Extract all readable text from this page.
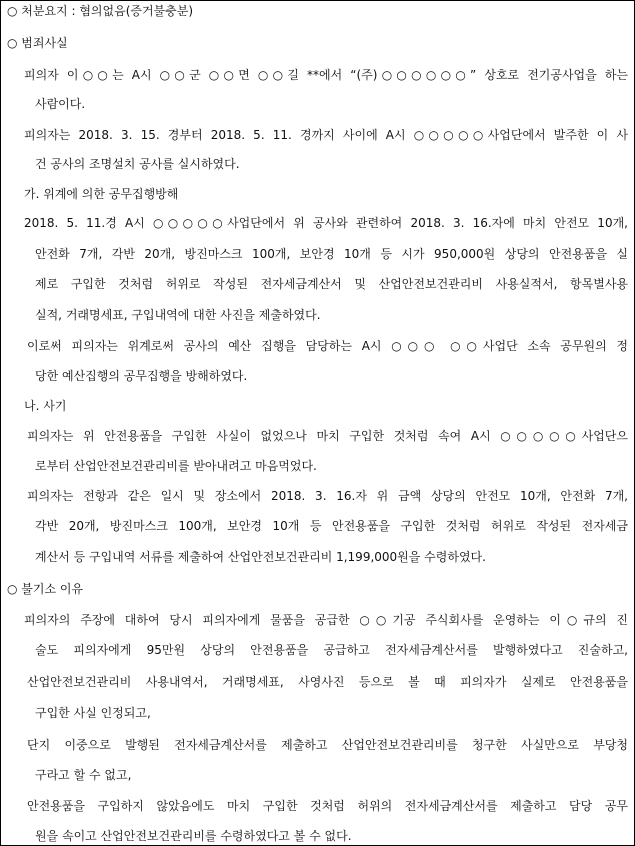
○ 처분요지 : 혐의없음(증거불충분)
○ 범죄사실
피의자 이○○는 A시 ○○군 ○○면 ○○길 **에서 “(주)○○○○○○” 상호로 전기공사업을 하는
사람이다.
피의자는 2018. 3. 15. 경부터 2018. 5. 11. 경까지 사이에 A시 ○○○○○사업단에서 발주한 이 사
건 공사의 조명설치 공사를 실시하였다.
가. 위계에 의한 공무집행방해
2018. 5. 11.경 A시 ○○○○○사업단에서 위 공사와 관련하여 2018. 3. 16.자에 마치 안전모 10개,
안전화 7개, 각반 20개, 방진마스크 100개, 보안경 10개 등 시가 950,000원 상당의 안전용품을 실
제로 구입한 것처럼 허위로 작성된 전자세금계산서 및 산업안전보건관리비 사용실적서, 항목별사용
실적, 거래명세표, 구입내역에 대한 사진을 제출하였다.
이로써 피의자는 위계로써 공사의 예산 집행을 담당하는 A시 ○○○ ○○사업단 소속 공무원의 정
당한 예산집행의 공무집행을 방해하였다.
나. 사기
피의자는 위 안전용품을 구입한 사실이 없었으나 마치 구입한 것처럼 속여 A시 ○○○○○사업단으
로부터 산업안전보건관리비를 받아내려고 마음먹었다.
피의자는 전항과 같은 일시 및 장소에서 2018. 3. 16.자 위 금액 상당의 안전모 10개, 안전화 7개,
각반 20개, 방진마스크 100개, 보안경 10개 등 안전용품을 구입한 것처럼 허위로 작성된 전자세금
계산서 등 구입내역 서류를 제출하여 산업안전보건관리비 1,199,000원을 수령하였다.
○ 불기소 이유
피의자의 주장에 대하여 당시 피의자에게 물품을 공급한 ○○기공 주식회사를 운영하는 이○규의 진
술도 피의자에게 95만원 상당의 안전용품을 공급하고 전자세금계산서를 발행하였다고 진술하고,
산업안전보건관리비 사용내역서, 거래명세표, 사영사진 등으로 볼 때 피의자가 실제로 안전용품을
구입한 사실 인정되고,
단지 이중으로 발행된 전자세금계산서를 제출하고 산업안전보건관리비를 청구한 사실만으로 부당청
구라고 할 수 없고,
안전용품을 구입하지 않았음에도 마치 구입한 것처럼 허위의 전자세금계산서를 제출하고 담당 공무
원을 속이고 산업안전보건관리비를 수령하였다고 볼 수 없다.
